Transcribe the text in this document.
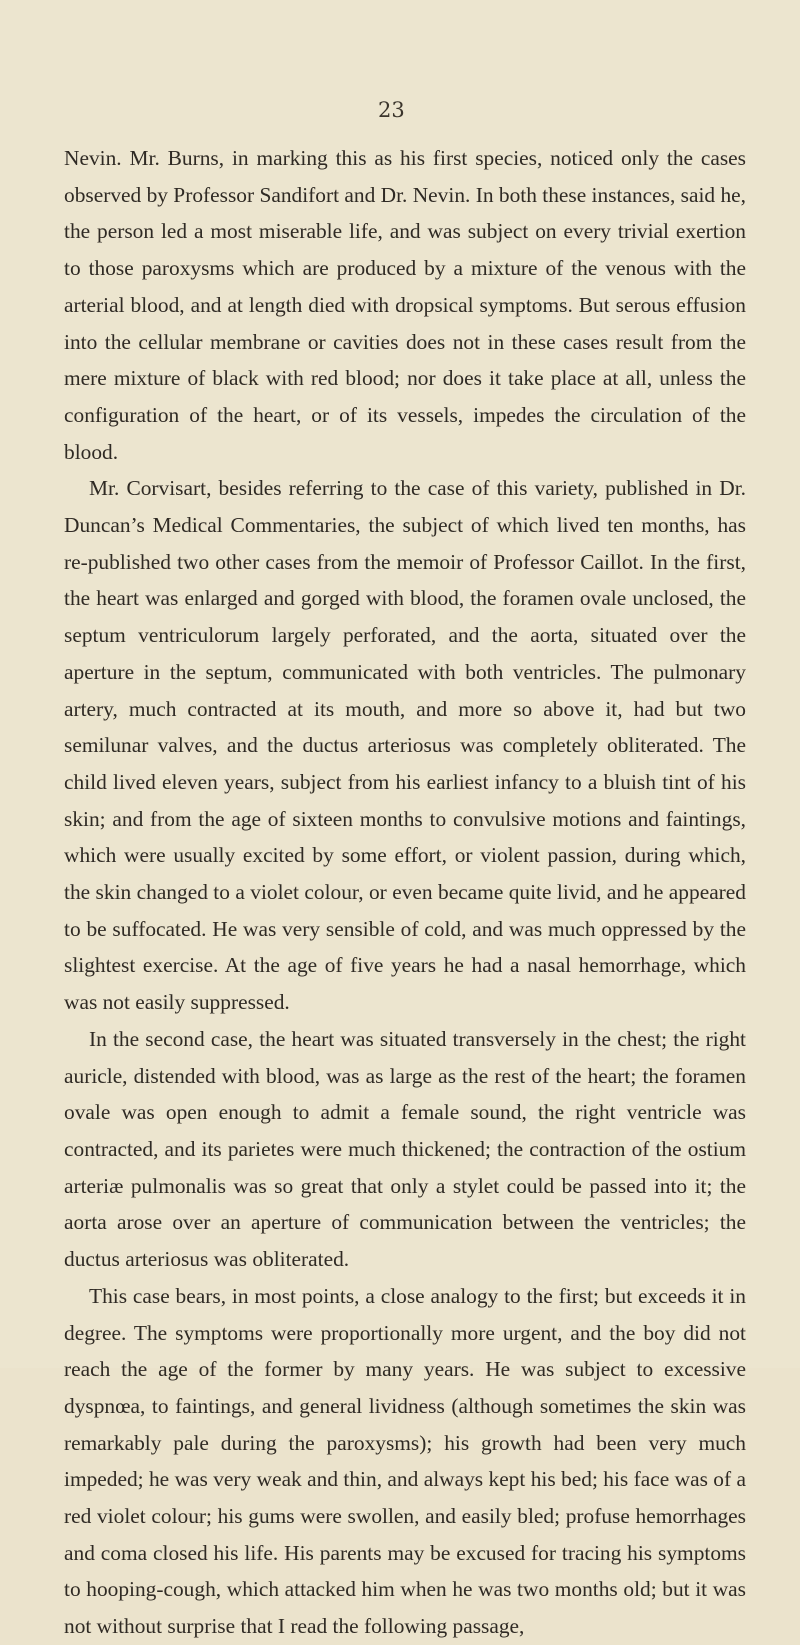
23

Nevin. Mr. Burns, in marking this as his first species, noticed only the cases observed by Professor Sandifort and Dr. Nevin. In both these instances, said he, the person led a most miserable life, and was subject on every trivial exertion to those paroxysms which are produced by a mixture of the venous with the arterial blood, and at length died with dropsical symptoms. But serous effusion into the cellular membrane or cavities does not in these cases result from the mere mixture of black with red blood; nor does it take place at all, unless the configuration of the heart, or of its vessels, impedes the circulation of the blood.

Mr. Corvisart, besides referring to the case of this variety, published in Dr. Duncan’s Medical Commentaries, the subject of which lived ten months, has re-published two other cases from the memoir of Professor Caillot. In the first, the heart was enlarged and gorged with blood, the foramen ovale unclosed, the septum ventriculorum largely perforated, and the aorta, situated over the aperture in the septum, communicated with both ventricles. The pulmonary artery, much contracted at its mouth, and more so above it, had but two semilunar valves, and the ductus arteriosus was completely obliterated. The child lived eleven years, subject from his earliest infancy to a bluish tint of his skin; and from the age of sixteen months to convulsive motions and faintings, which were usually excited by some effort, or violent passion, during which, the skin changed to a violet colour, or even became quite livid, and he appeared to be suffocated. He was very sensible of cold, and was much oppressed by the slightest exercise. At the age of five years he had a nasal hemorrhage, which was not easily suppressed.

In the second case, the heart was situated transversely in the chest; the right auricle, distended with blood, was as large as the rest of the heart; the foramen ovale was open enough to admit a female sound, the right ventricle was contracted, and its parietes were much thickened; the contraction of the ostium arteriæ pulmonalis was so great that only a stylet could be passed into it; the aorta arose over an aperture of communication between the ventricles; the ductus arteriosus was obliterated.

This case bears, in most points, a close analogy to the first; but exceeds it in degree. The symptoms were proportionally more urgent, and the boy did not reach the age of the former by many years. He was subject to excessive dyspnœa, to faintings, and general lividness (although sometimes the skin was remarkably pale during the paroxysms); his growth had been very much impeded; he was very weak and thin, and always kept his bed; his face was of a red violet colour; his gums were swollen, and easily bled; profuse hemorrhages and coma closed his life. His parents may be excused for tracing his symptoms to hooping-cough, which attacked him when he was two months old; but it was not without surprise that I read the following passage,
